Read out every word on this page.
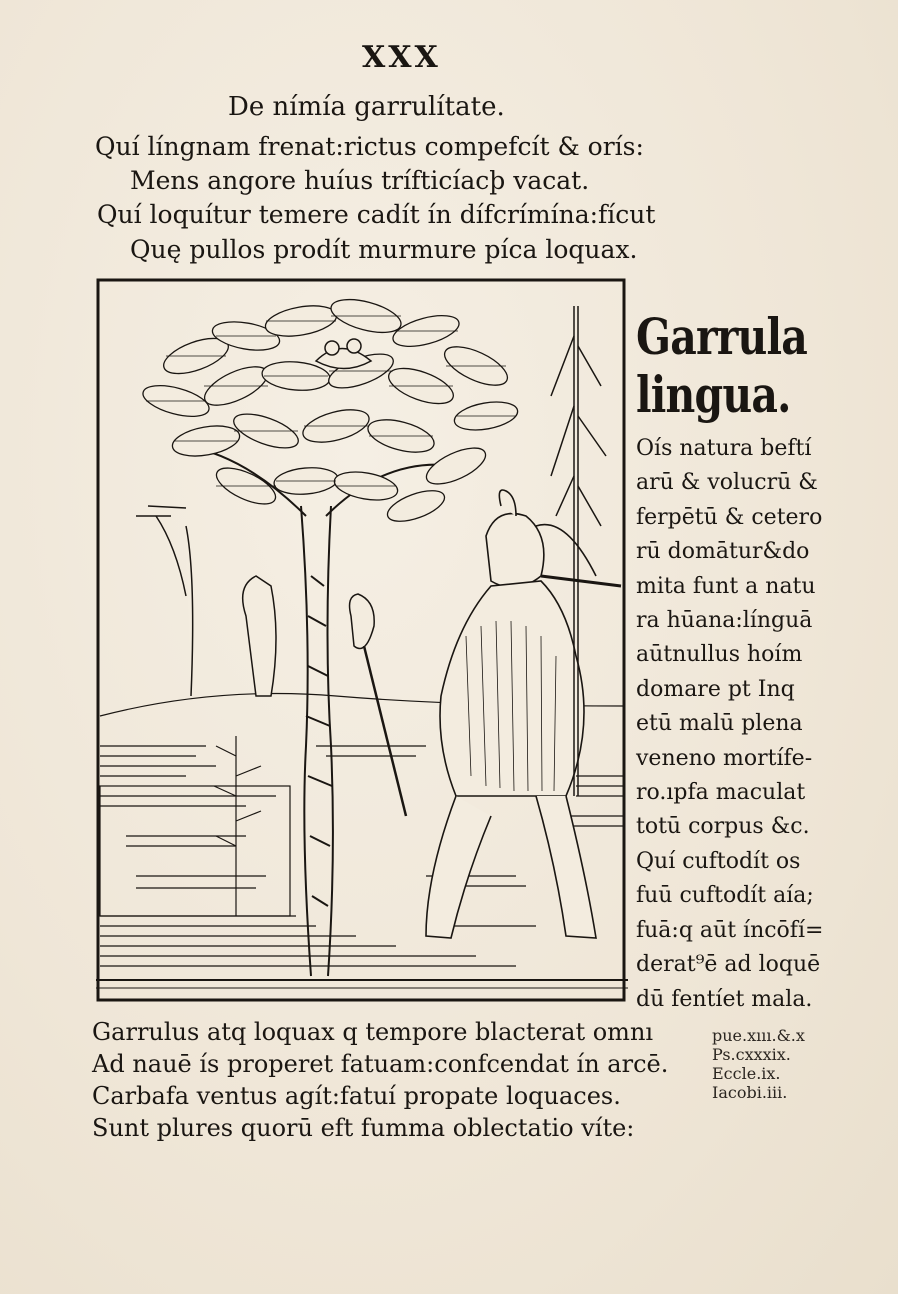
XXX
De nímía garrulítate.
Quí língnam frenat:rictus compefcít & orís:
Mens angore huíus trífticíacþ vacat.
Quí loquítur temere cadít ín dífcrímína:fícut
Quę pullos prodít murmure píca loquax.
Garrula
lingua.
Oís natura beftí
arū & volucrū &
ferpētū & cetero
rū domātur&do
mita funt a natu
ra hūana:línguā
aūtnullus hoím
domare pt Inq
etū malū plena
veneno mortífe-
ro.ıpfa maculat
totū corpus &c.
Quí cuftodít os
fuū cuftodít aía;
fuā:q aūt íncōfí=
derat⁹ē ad loquē
dū fentíet mala.
Garrulus atq loquax q tempore blacterat omnı
Ad nauē ís properet fatuam:confcendat ín arcē.
Carbafa ventus agít:fatuí propate loquaces.
Sunt plures quorū eft fumma oblectatio víte:
pue.xııı.&.x
Ps.cxxxix.
Eccle.ix.
Iacobi.iii.
